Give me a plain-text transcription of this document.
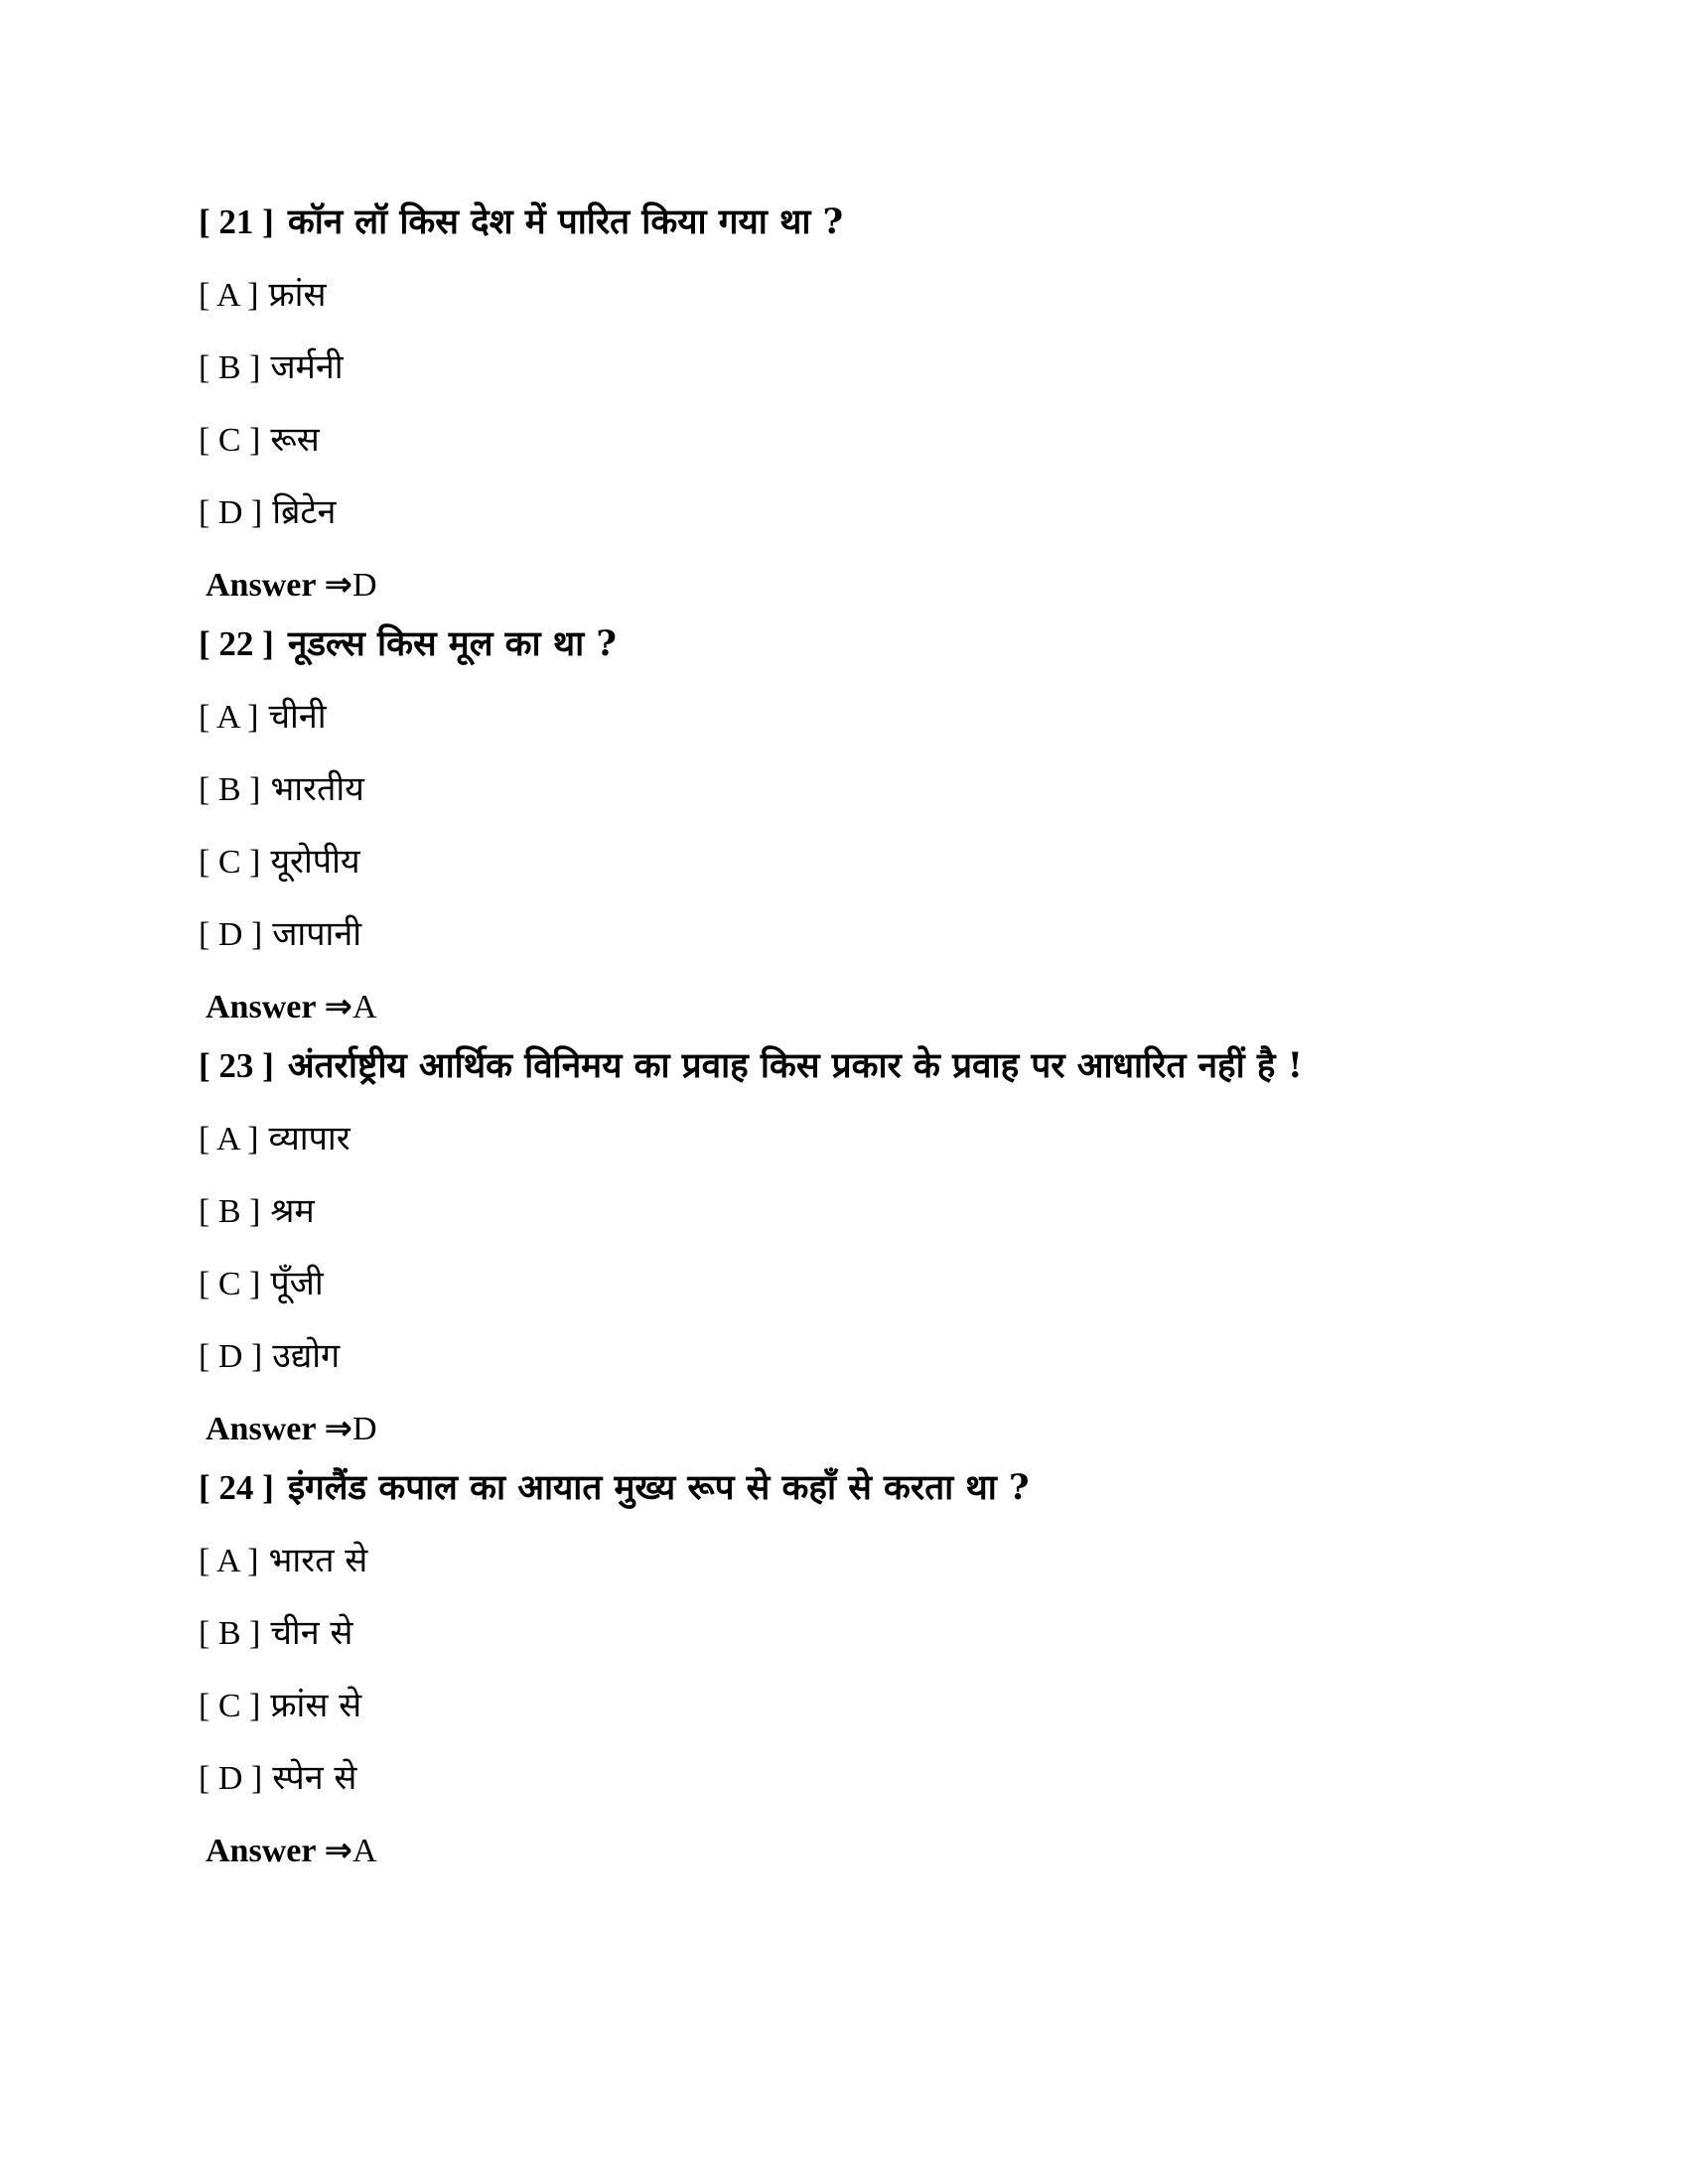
[ 21 ] कॉन लॉ किस देश में पारित किया गया था ?
[ A ] फ्रांस
[ B ] जर्मनी
[ C ] रूस
[ D ] ब्रिटेन
Answer ⇒D
[ 22 ] नूडल्स किस मूल का था ?
[ A ] चीनी
[ B ] भारतीय
[ C ] यूरोपीय
[ D ] जापानी
Answer ⇒A
[ 23 ] अंतर्राष्ट्रीय आर्थिक विनिमय का प्रवाह किस प्रकार के प्रवाह पर आधारित नहीं है !
[ A ] व्यापार
[ B ] श्रम
[ C ] पूँजी
[ D ] उद्योग
Answer ⇒D
[ 24 ] इंगलैंड कपाल का आयात मुख्य रूप से कहाँ से करता था ?
[ A ] भारत से
[ B ] चीन से
[ C ] फ्रांस से
[ D ] स्पेन से
Answer ⇒A
